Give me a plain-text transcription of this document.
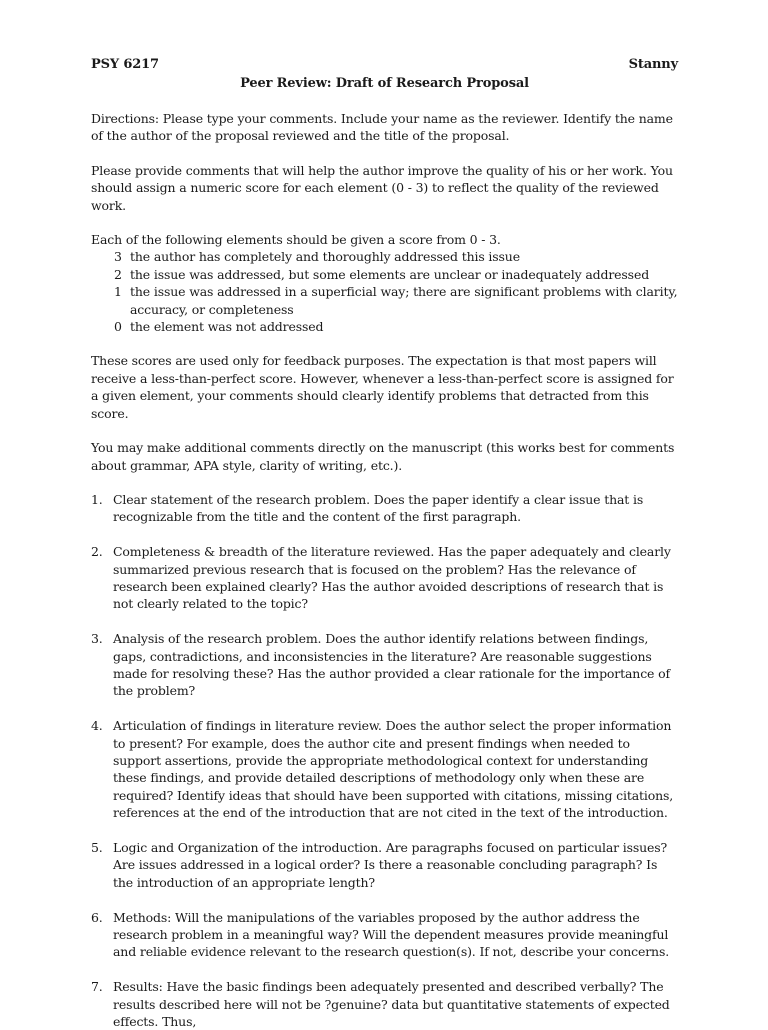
PSY 6217	Stanny
Peer Review: Draft of Research Proposal

Directions: Please type your comments. Include your name as the reviewer. Identify the name of the author of the proposal reviewed and the title of the proposal.

Please provide comments that will help the author improve the quality of his or her work. You should assign a numeric score for each element (0 - 3) to reflect the quality of the reviewed work.

Each of the following elements should be given a score from 0 - 3.

3 the author has completely and thoroughly addressed this issue
2 the issue was addressed, but some elements are unclear or inadequately addressed
1 the issue was addressed in a superficial way; there are significant problems with clarity, accuracy, or completeness
0 the element was not addressed

These scores are used only for feedback purposes. The expectation is that most papers will receive a less-than-perfect score. However, whenever a less-than-perfect score is assigned for a given element, your comments should clearly identify problems that detracted from this score.

You may make additional comments directly on the manuscript (this works best for comments about grammar, APA style, clarity of writing, etc.).

1. Clear statement of the research problem. Does the paper identify a clear issue that is recognizable from the title and the content of the first paragraph.
2. Completeness & breadth of the literature reviewed. Has the paper adequately and clearly summarized previous research that is focused on the problem? Has the relevance of research been explained clearly? Has the author avoided descriptions of research that is not clearly related to the topic?
3. Analysis of the research problem. Does the author identify relations between findings, gaps, contradictions, and inconsistencies in the literature? Are reasonable suggestions made for resolving these? Has the author provided a clear rationale for the importance of the problem?
4. Articulation of findings in literature review. Does the author select the proper information to present? For example, does the author cite and present findings when needed to support assertions, provide the appropriate methodological context for understanding these findings, and provide detailed descriptions of methodology only when these are required? Identify ideas that should have been supported with citations, missing citations, references at the end of the introduction that are not cited in the text of the introduction.
5. Logic and Organization of the introduction. Are paragraphs focused on particular issues? Are issues addressed in a logical order? Is there a reasonable concluding paragraph? Is the introduction of an appropriate length?
6. Methods: Will the manipulations of the variables proposed by the author address the research problem in a meaningful way? Will the dependent measures provide meaningful and reliable evidence relevant to the research question(s). If not, describe your concerns.
7. Results: Have the basic findings been adequately presented and described verbally? The results described here will not be ?genuine? data but quantitative statements of expected effects. Thus,
